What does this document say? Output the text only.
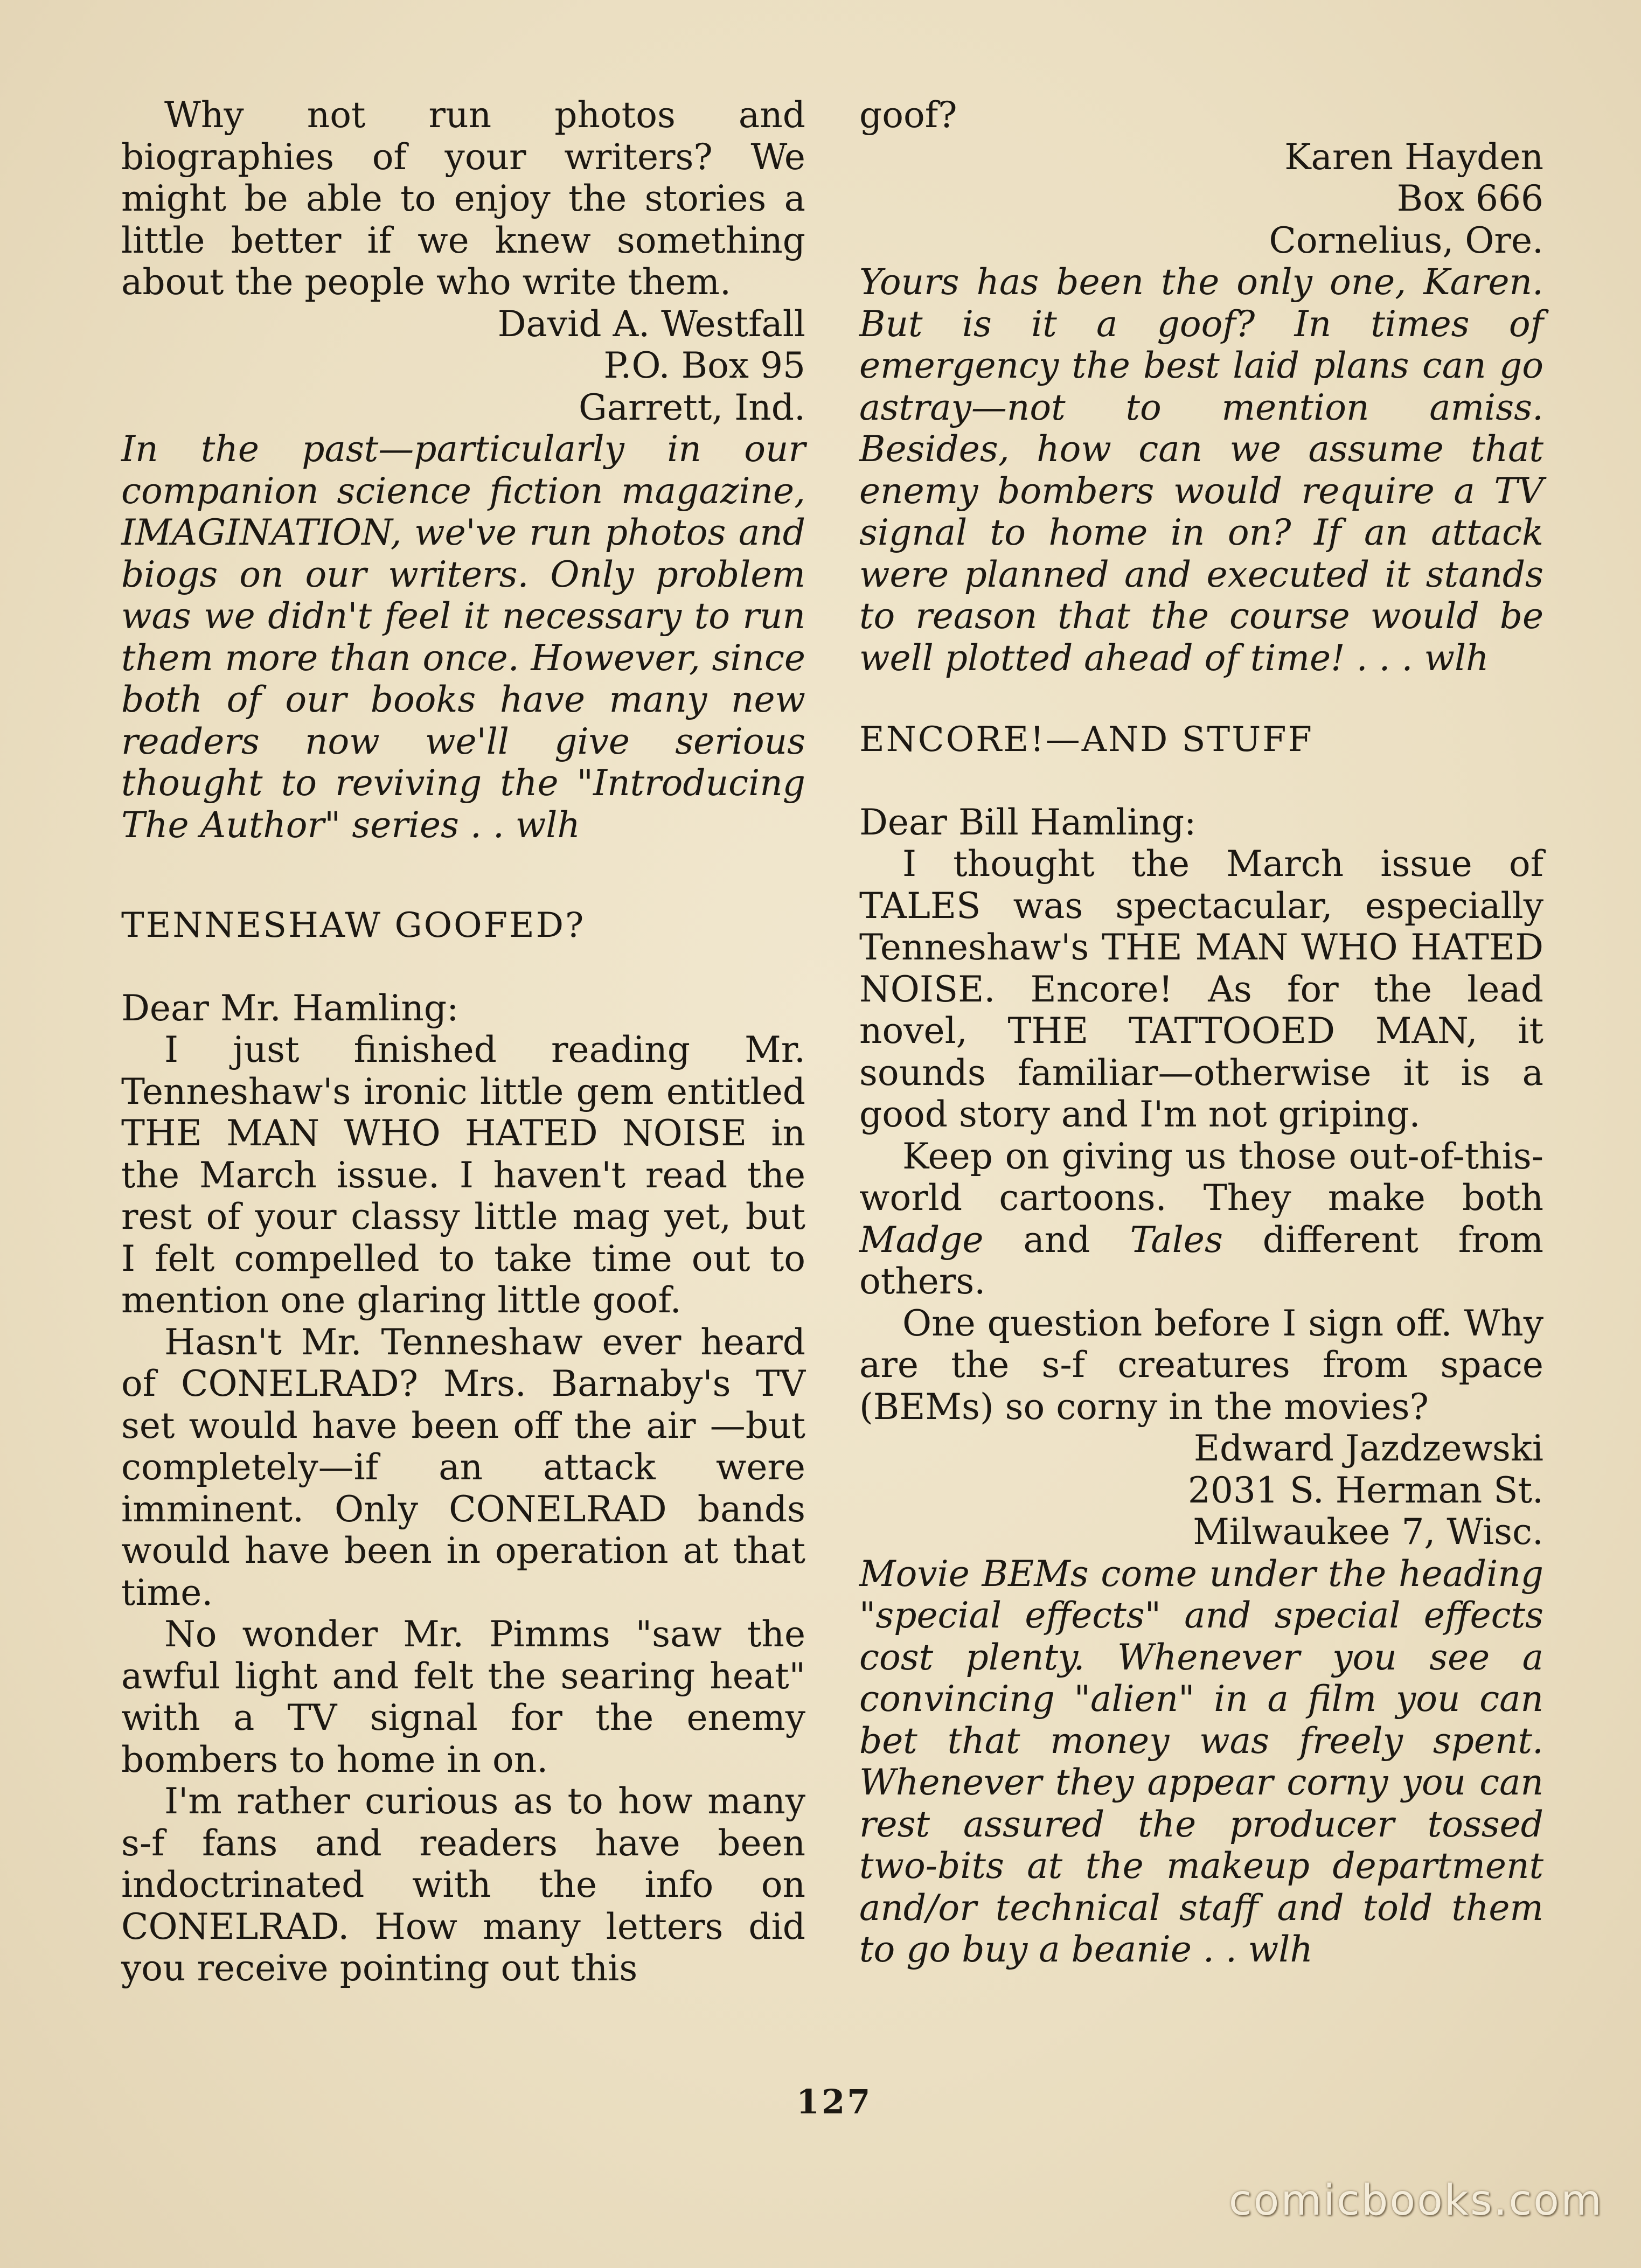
Why not run photos and biographies of your writers? We might be able to enjoy the stories a little better if we knew something about the people who write them.

David A. Westfall

P.O. Box 95

Garrett, Ind.

In the past—particularly in our companion science fiction magazine, IMAGINATION, we've run photos and biogs on our writers. Only problem was we didn't feel it necessary to run them more than once. However, since both of our books have many new readers now we'll give serious thought to reviving the "Introducing The Author" series . . wlh

TENNESHAW GOOFED?

Dear Mr. Hamling:

I just finished reading Mr. Tenneshaw's ironic little gem entitled THE MAN WHO HATED NOISE in the March issue. I haven't read the rest of your classy little mag yet, but I felt compelled to take time out to mention one glaring little goof.

Hasn't Mr. Tenneshaw ever heard of CONELRAD? Mrs. Barnaby's TV set would have been off the air —but completely—if an attack were imminent. Only CONELRAD bands would have been in operation at that time.

No wonder Mr. Pimms "saw the awful light and felt the searing heat" with a TV signal for the enemy bombers to home in on.

I'm rather curious as to how many s-f fans and readers have been indoctrinated with the info on CONELRAD. How many letters did you receive pointing out this

goof?

Karen Hayden

Box 666

Cornelius, Ore.

Yours has been the only one, Karen. But is it a goof? In times of emergency the best laid plans can go astray—not to mention amiss. Besides, how can we assume that enemy bombers would require a TV signal to home in on? If an attack were planned and executed it stands to reason that the course would be well plotted ahead of time! . . . wlh

ENCORE!—AND STUFF

Dear Bill Hamling:

I thought the March issue of TALES was spectacular, especially Tenneshaw's THE MAN WHO HATED NOISE. Encore! As for the lead novel, THE TATTOOED MAN, it sounds familiar—otherwise it is a good story and I'm not griping.

Keep on giving us those out-of-this-world cartoons. They make both Madge and Tales different from others.

One question before I sign off. Why are the s-f creatures from space (BEMs) so corny in the movies?

Edward Jazdzewski

2031 S. Herman St.

Milwaukee 7, Wisc.

Movie BEMs come under the heading "special effects" and special effects cost plenty. Whenever you see a convincing "alien" in a film you can bet that money was freely spent. Whenever they appear corny you can rest assured the producer tossed two-bits at the makeup department and/or technical staff and told them to go buy a beanie . . wlh

127
comicbooks.com
